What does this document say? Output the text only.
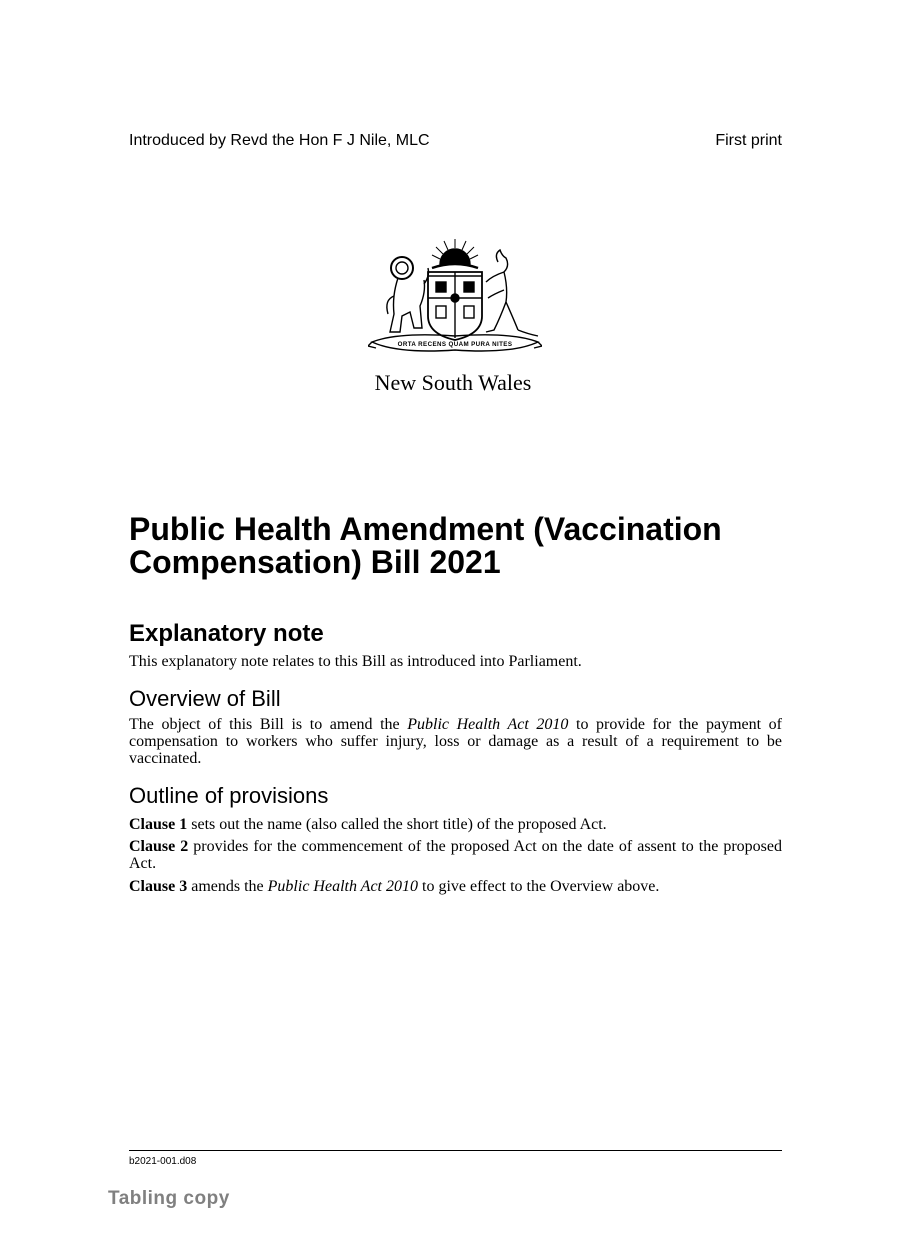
Introduced by Revd the Hon F J Nile, MLC	First print
ORTA RECENS QUAM PURA NITES
New South Wales
Public Health Amendment (Vaccination Compensation) Bill 2021
Explanatory note

This explanatory note relates to this Bill as introduced into Parliament.

Overview of Bill

The object of this Bill is to amend the Public Health Act 2010 to provide for the payment of compensation to workers who suffer injury, loss or damage as a result of a requirement to be vaccinated.

Outline of provisions

Clause 1 sets out the name (also called the short title) of the proposed Act.

Clause 2 provides for the commencement of the proposed Act on the date of assent to the proposed Act.

Clause 3 amends the Public Health Act 2010 to give effect to the Overview above.

b2021-001.d08
Tabling copy
